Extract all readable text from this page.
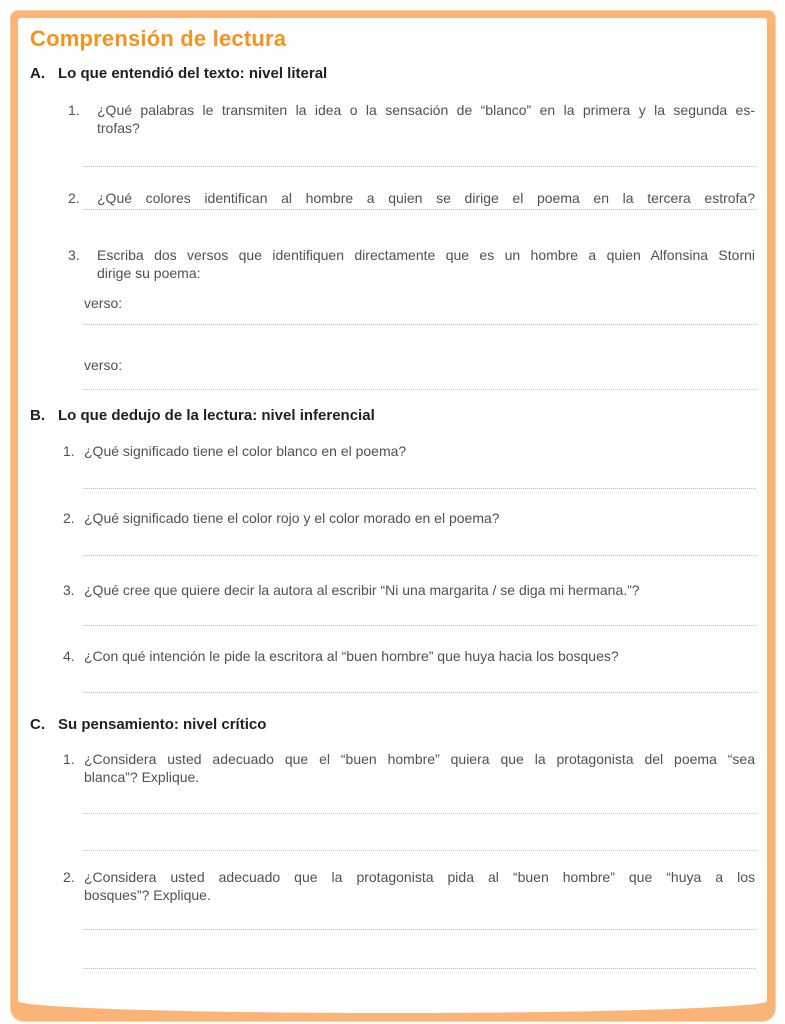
Comprensión de lectura
A. Lo que entendió del texto: nivel literal
1. ¿Qué palabras le transmiten la idea o la sensación de “blanco” en la primera y la segunda es-
trofas?
2. ¿Qué colores identifican al hombre a quien se dirige el poema en la tercera estrofa?
3. Escriba dos versos que identifiquen directamente que es un hombre a quien Alfonsina Storni
dirige su poema:
verso:
verso:
B. Lo que dedujo de la lectura: nivel inferencial
1. ¿Qué significado tiene el color blanco en el poema?
2. ¿Qué significado tiene el color rojo y el color morado en el poema?
3. ¿Qué cree que quiere decir la autora al escribir “Ni una margarita / se diga mi hermana.”?
4. ¿Con qué intención le pide la escritora al “buen hombre” que huya hacia los bosques?
C. Su pensamiento: nivel crítico
1. ¿Considera usted adecuado que el “buen hombre” quiera que la protagonista del poema “sea
blanca”? Explique.
2. ¿Considera usted adecuado que la protagonista pida al “buen hombre” que “huya a los
bosques”? Explique.
